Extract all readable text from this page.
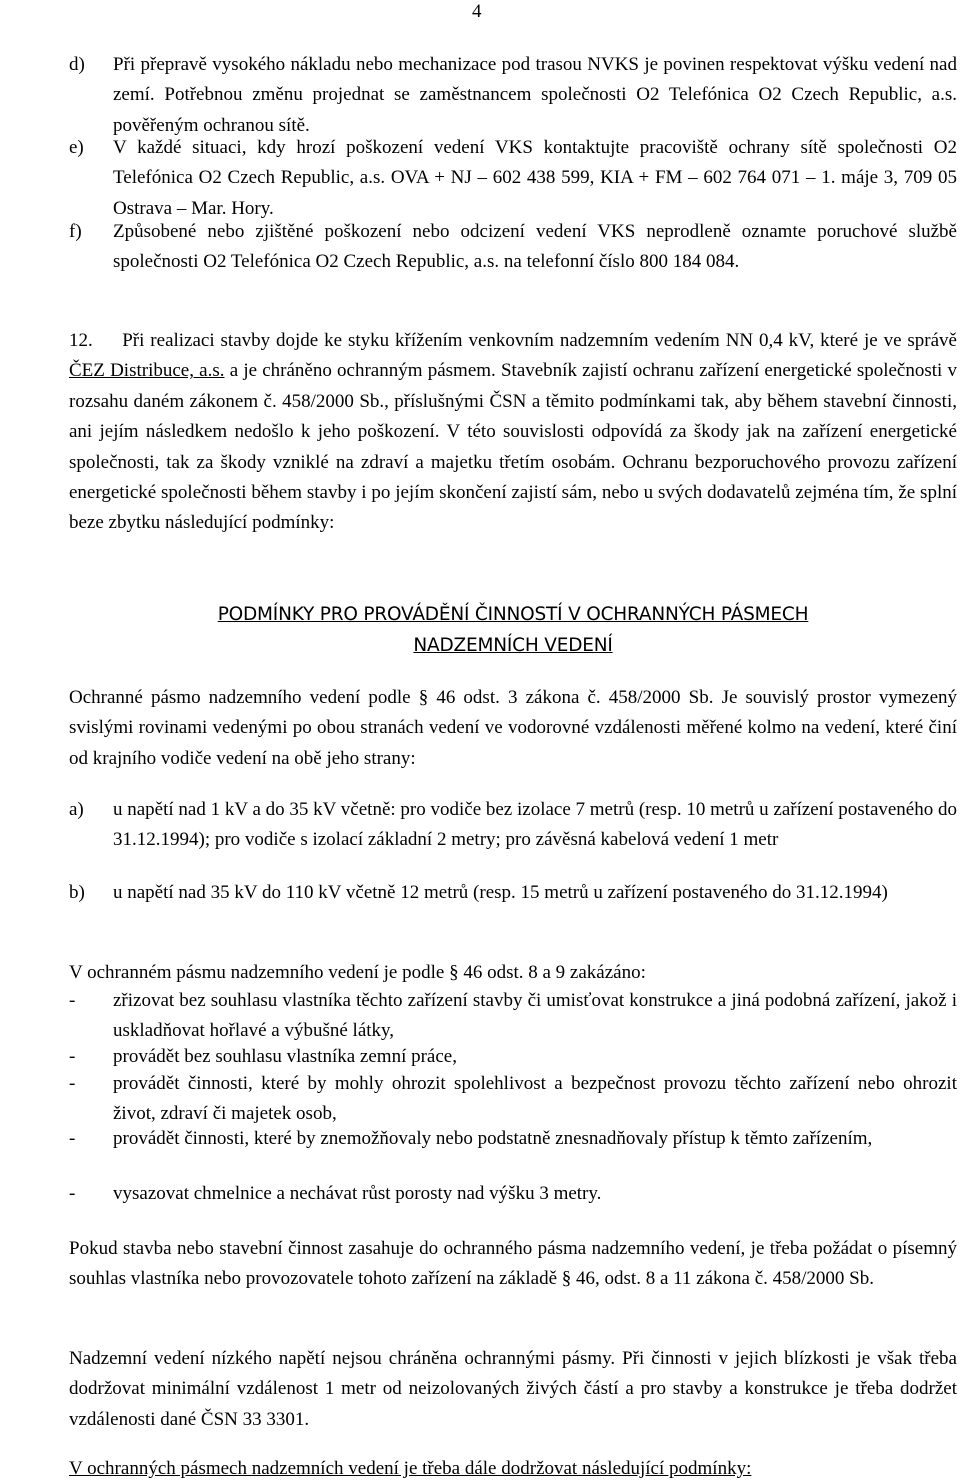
4
d) Při přepravě vysokého nákladu nebo mechanizace pod trasou NVKS je povinen respektovat výšku vedení nad zemí. Potřebnou změnu projednat se zaměstnancem společnosti O2 Telefónica O2 Czech Republic, a.s. pověřeným ochranou sítě.
e) V každé situaci, kdy hrozí poškození vedení VKS kontaktujte pracoviště ochrany sítě společnosti O2 Telefónica O2 Czech Republic, a.s. OVA + NJ – 602 438 599, KIA + FM – 602 764 071 – 1. máje 3, 709 05 Ostrava – Mar. Hory.
f) Způsobené nebo zjištěné poškození nebo odcizení vedení VKS neprodleně oznamte poruchové službě společnosti O2 Telefónica O2 Czech Republic, a.s. na telefonní číslo 800 184 084.
12. Při realizaci stavby dojde ke styku křížením venkovním nadzemním vedením NN 0,4 kV, které je ve správě ČEZ Distribuce, a.s. a je chráněno ochranným pásmem. Stavebník zajistí ochranu zařízení energetické společnosti v rozsahu daném zákonem č. 458/2000 Sb., příslušnými ČSN a těmito podmínkami tak, aby během stavební činnosti, ani jejím následkem nedošlo k jeho poškození. V této souvislosti odpovídá za škody jak na zařízení energetické společnosti, tak za škody vzniklé na zdraví a majetku třetím osobám. Ochranu bezporuchového provozu zařízení energetické společnosti během stavby i po jejím skončení zajistí sám, nebo u svých dodavatelů zejména tím, že splní beze zbytku následující podmínky:
PODMÍNKY PRO PROVÁDĚNÍ ČINNOSTÍ V OCHRANNÝCH PÁSMECH
NADZEMNÍCH VEDENÍ
Ochranné pásmo nadzemního vedení podle § 46 odst. 3 zákona č. 458/2000 Sb. Je souvislý prostor vymezený svislými rovinami vedenými po obou stranách vedení ve vodorovné vzdálenosti měřené kolmo na vedení, které činí od krajního vodiče vedení na obě jeho strany:
a) u napětí nad 1 kV a do 35 kV včetně: pro vodiče bez izolace 7 metrů (resp. 10 metrů u zařízení postaveného do 31.12.1994); pro vodiče s izolací základní 2 metry; pro závěsná kabelová vedení 1 metr
b) u napětí nad 35 kV do 110 kV včetně 12 metrů (resp. 15 metrů u zařízení postaveného do 31.12.1994)
V ochranném pásmu nadzemního vedení je podle § 46 odst. 8 a 9 zakázáno:
- zřizovat bez souhlasu vlastníka těchto zařízení stavby či umisťovat konstrukce a jiná podobná zařízení, jakož i uskladňovat hořlavé a výbušné látky,
- provádět bez souhlasu vlastníka zemní práce,
- provádět činnosti, které by mohly ohrozit spolehlivost a bezpečnost provozu těchto zařízení nebo ohrozit život, zdraví či majetek osob,
- provádět činnosti, které by znemožňovaly nebo podstatně znesnadňovaly přístup k těmto zařízením,
- vysazovat chmelnice a nechávat růst porosty nad výšku 3 metry.
Pokud stavba nebo stavební činnost zasahuje do ochranného pásma nadzemního vedení, je třeba požádat o písemný souhlas vlastníka nebo provozovatele tohoto zařízení na základě § 46, odst. 8 a 11 zákona č. 458/2000 Sb.
Nadzemní vedení nízkého napětí nejsou chráněna ochrannými pásmy. Při činnosti v jejich blízkosti je však třeba dodržovat minimální vzdálenost 1 metr od neizolovaných živých částí a pro stavby a konstrukce je třeba dodržet vzdálenosti dané ČSN 33 3301.
V ochranných pásmech nadzemních vedení je třeba dále dodržovat následující podmínky:
